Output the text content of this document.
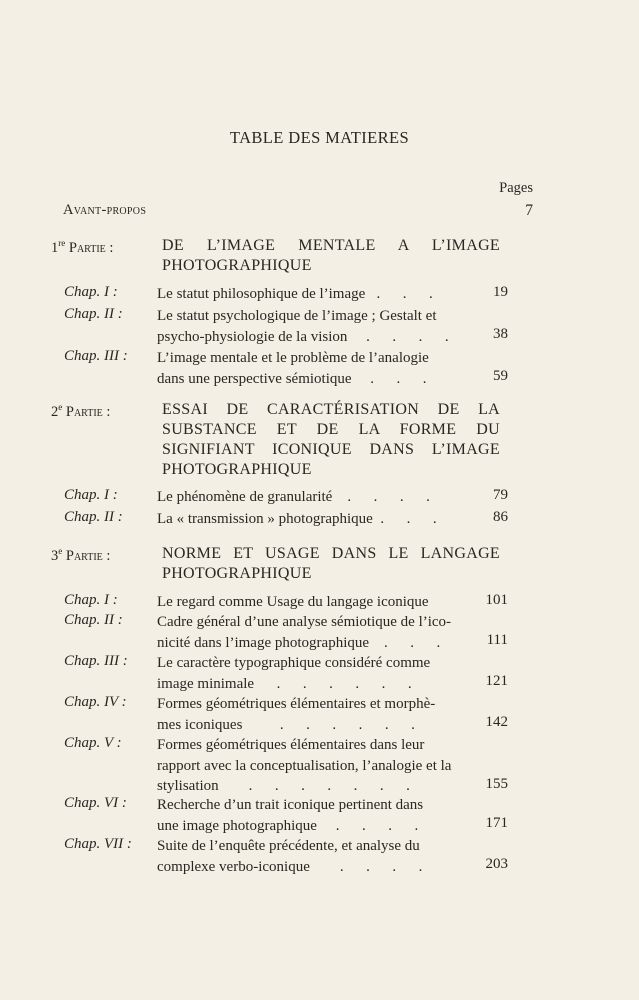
TABLE DES MATIERES
Pages
Avant-propos	7
1re Partie :	DE L’IMAGE MENTALE A L’IMAGE PHOTOGRAPHIQUE
Chap. I :	Le statut philosophique de l’image   .      .      .	19
Chap. II : Le statut psychologique de l’image ; Gestalt et
psycho-physiologie de la vision     .      .      .      .	38
Chap. III : L’image mentale et le problème de l’analogie
dans une perspective sémiotique     .      .      .	59
2e Partie :	ESSAI DE CARACTÉRISATION DE LA SUBSTANCE ET DE LA FORME DU SIGNIFIANT ICONIQUE DANS L’IMAGE PHOTOGRAPHIQUE
Chap. I :	Le phénomène de granularité    .      .      .      .	79
Chap. II : La « transmission » photographique  .      .      .	86
3e Partie :	NORME ET USAGE DANS LE LANGAGE PHOTOGRAPHIQUE
Chap. I :	Le regard comme Usage du langage iconique	101
Chap. II : Cadre général d’une analyse sémiotique de l’ico-
nicité dans l’image photographique    .      .      .	111
Chap. III : Le caractère typographique considéré comme
image minimale      .      .      .      .      .      .	121
Chap. IV : Formes géométriques élémentaires et morphè-
mes iconiques          .      .      .      .      .      .	142
Chap. V : Formes géométriques élémentaires dans leur
rapport avec la conceptualisation, l’analogie et la
stylisation        .      .      .      .      .      .      .	155
Chap. VI : Recherche d’un trait iconique pertinent dans
une image photographique     .      .      .      .	171
Chap. VII : Suite de l’enquête précédente, et analyse du
complexe verbo-iconique        .      .      .      .	203
